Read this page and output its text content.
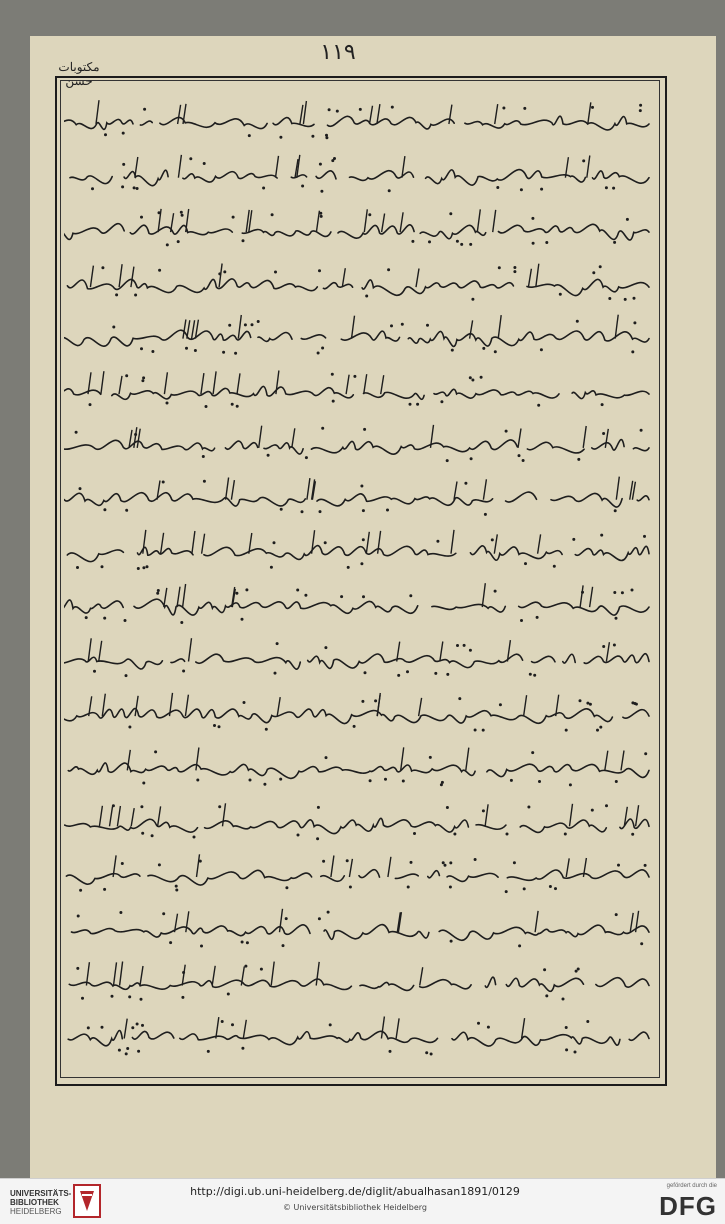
۱۱۹
مکتوبات حسن
UNIVERSITÄTS-
BIBLIOTHEK
HEIDELBERG
http://digi.ub.uni-heidelberg.de/diglit/abualhasan1891/0129
© Universitätsbibliothek Heidelberg
gefördert durch die
DFG
